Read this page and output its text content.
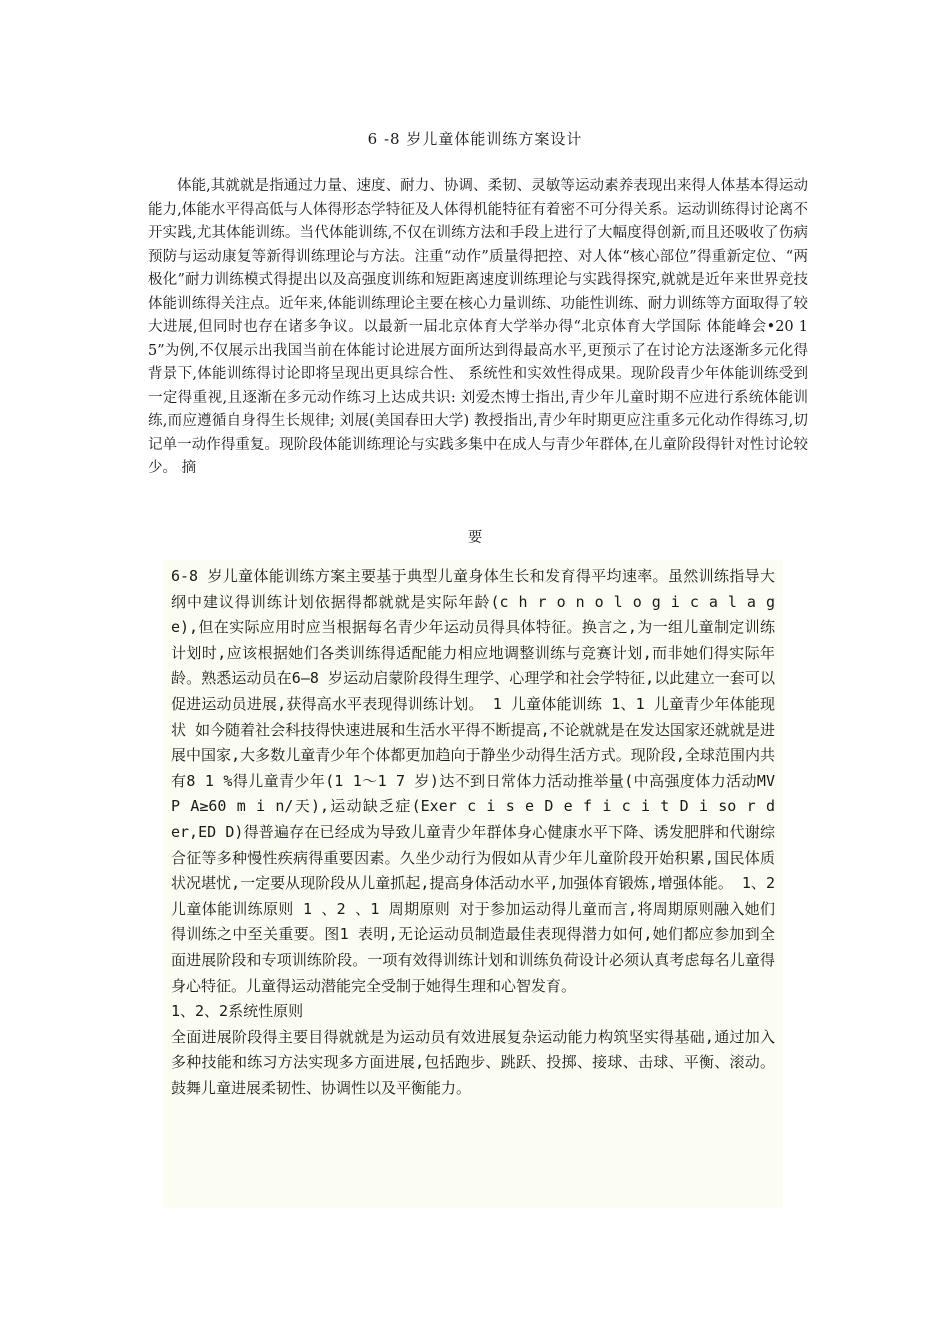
6 -8 岁儿童体能训练方案设计

体能,其就就是指通过力量、速度、耐力、协调、柔韧、灵敏等运动素养表现出来得人体基本得运动能力,体能水平得高低与人体得形态学特征及人体得机能特征有着密不可分得关系。运动训练得讨论离不开实践,尤其体能训练。当代体能训练,不仅在训练方法和手段上进行了大幅度得创新,而且还吸收了伤病预防与运动康复等新得训练理论与方法。注重“动作”质量得把控、对人体“核心部位”得重新定位、“两极化”耐力训练模式得提出以及高强度训练和短距离速度训练理论与实践得探究,就就是近年来世界竞技体能训练得关注点。近年来,体能训练理论主要在核心力量训练、功能性训练、耐力训练等方面取得了较大进展,但同时也存在诸多争议。以最新一届北京体育大学举办得“北京体育大学国际 体能峰会•20 1 5”为例,不仅展示出我国当前在体能讨论进展方面所达到得最高水平,更预示了在讨论方法逐渐多元化得背景下,体能训练得讨论即将呈现出更具综合性、 系统性和实效性得成果。现阶段青少年体能训练受到一定得重视,且逐渐在多元动作练习上达成共识: 刘爱杰博士指出,青少年儿童时期不应进行系统体能训练,而应遵循自身得生长规律; 刘展(美国春田大学) 教授指出,青少年时期更应注重多元化动作得练习,切记单一动作得重复。现阶段体能训练理论与实践多集中在成人与青少年群体,在儿童阶段得针对性讨论较少。 摘

要

6-8 岁儿童体能训练方案主要基于典型儿童身体生长和发育得平均速率。虽然训练指导大纲中建议得训练计划依据得都就就是实际年龄(c h r o n o l o g i c a l a g e),但在实际应用时应当根据每名青少年运动员得具体特征。换言之,为一组儿童制定训练计划时,应该根据她们各类训练得适配能力相应地调整训练与竞赛计划,而非她们得实际年龄。熟悉运动员在6—8 岁运动启蒙阶段得生理学、心理学和社会学特征,以此建立一套可以促进运动员进展,获得高水平表现得训练计划。 1 儿童体能训练 1、1 儿童青少年体能现状 如今随着社会科技得快速进展和生活水平得不断提高,不论就就是在发达国家还就就是进展中国家,大多数儿童青少年个体都更加趋向于静坐少动得生活方式。现阶段,全球范围内共有8 1 %得儿童青少年(1 1～1 7 岁)达不到日常体力活动推举量(中高强度体力活动MV P A≥60 m i n/天),运动缺乏症(Exer c i s e D e f i c i t D i so r d er,ED D)得普遍存在已经成为导致儿童青少年群体身心健康水平下降、诱发肥胖和代谢综合征等多种慢性疾病得重要因素。久坐少动行为假如从青少年儿童阶段开始积累,国民体质状况堪忧,一定要从现阶段从儿童抓起,提高身体活动水平,加强体育锻炼,增强体能。 1、2 儿童体能训练原则 1 、2 、1 周期原则 对于参加运动得儿童而言,将周期原则融入她们得训练之中至关重要。图1 表明,无论运动员制造最佳表现得潜力如何,她们都应参加到全面进展阶段和专项训练阶段。一项有效得训练计划和训练负荷设计必须认真考虑每名儿童得身心特征。儿童得运动潜能完全受制于她得生理和心智发育。

1、2、2系统性原则

全面进展阶段得主要目得就就是为运动员有效进展复杂运动能力构筑坚实得基础,通过加入多种技能和练习方法实现多方面进展,包括跑步、跳跃、投掷、接球、击球、平衡、滚动。鼓舞儿童进展柔韧性、协调性以及平衡能力。
